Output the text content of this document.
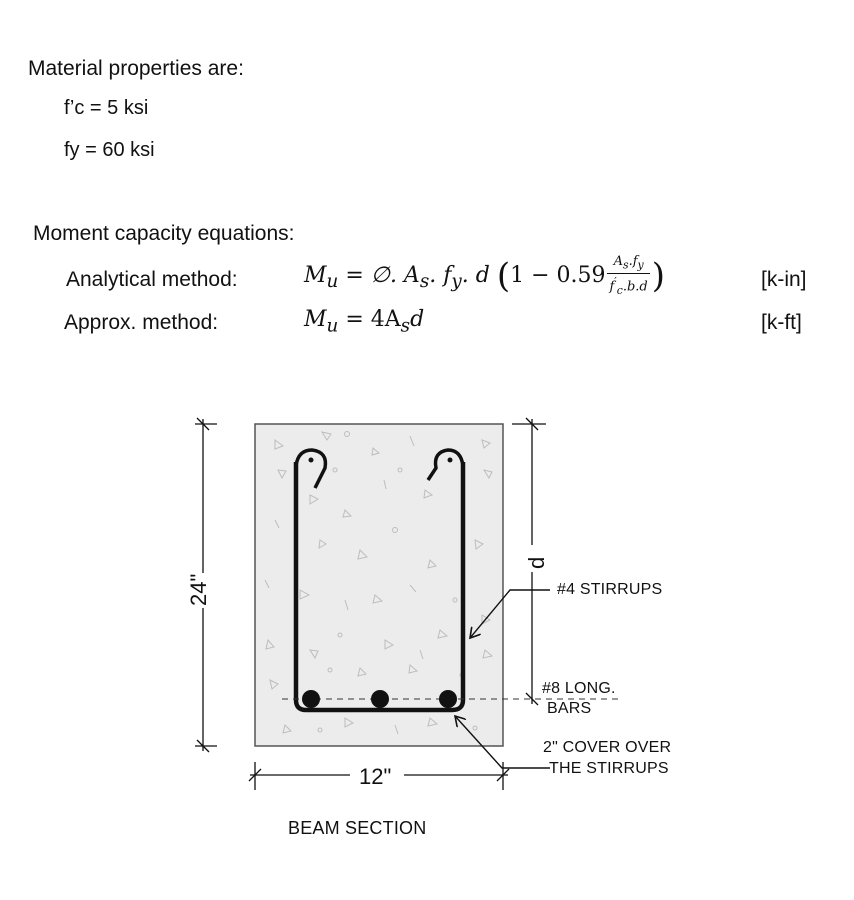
Material properties are:
f’c = 5 ksi
fy = 60 ksi
Moment capacity equations:
Analytical method:	$M_u$ = ∅. $A_s$. $f_y$. d ($1 - 0.59 \frac{A_s.f_y}{f'_c.b.d}$ )	[k-in]
Approx. method:	$M_u = 4A_sd$	[k-ft]
24"
12"
d
#4 STIRRUPS
#8 LONG.
BARS
2" COVER OVER
THE STIRRUPS
BEAM SECTION
